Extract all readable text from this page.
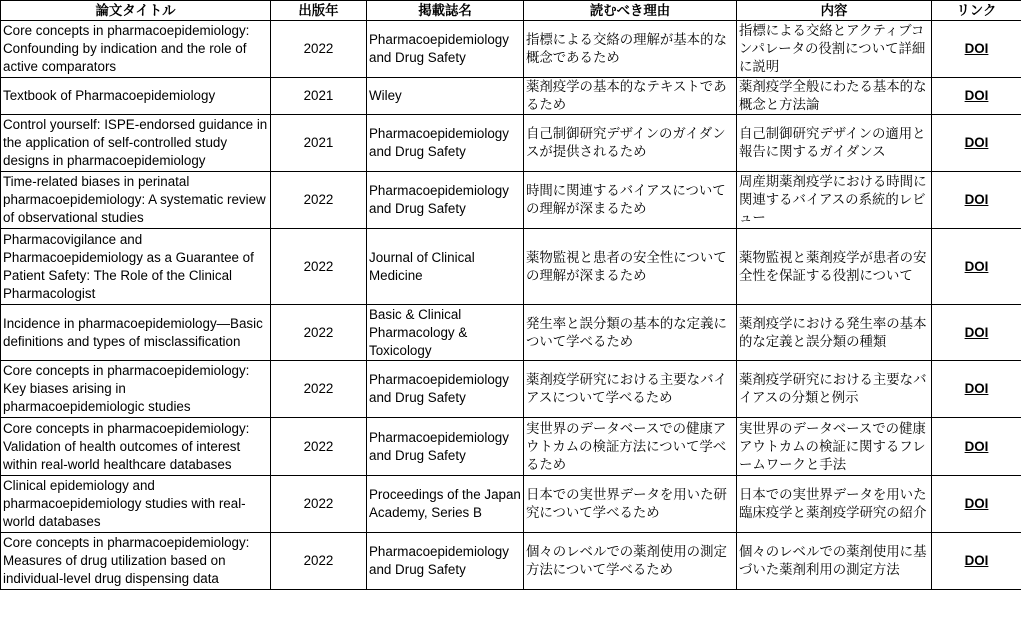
論文タイトル	出版年	掲載誌名	読むべき理由	内容	リンク
Core concepts in pharmacoepidemiology: Confounding by indication and the role of active comparators	2022	Pharmacoepidemiology and Drug Safety	指標による交絡の理解が基本的な概念であるため	指標による交絡とアクティブコンパレータの役割について詳細に説明	DOI
Textbook of Pharmacoepidemiology	2021	Wiley	薬剤疫学の基本的なテキストであるため	薬剤疫学全般にわたる基本的な概念と方法論	DOI
Control yourself: ISPE-endorsed guidance in the application of self-controlled study designs in pharmacoepidemiology	2021	Pharmacoepidemiology and Drug Safety	自己制御研究デザインのガイダンスが提供されるため	自己制御研究デザインの適用と報告に関するガイダンス	DOI
Time-related biases in perinatal pharmacoepidemiology: A systematic review of observational studies	2022	Pharmacoepidemiology and Drug Safety	時間に関連するバイアスについての理解が深まるため	周産期薬剤疫学における時間に関連するバイアスの系統的レビュー	DOI
Pharmacovigilance and Pharmacoepidemiology as a Guarantee of Patient Safety: The Role of the Clinical Pharmacologist	2022	Journal of Clinical Medicine	薬物監視と患者の安全性についての理解が深まるため	薬物監視と薬剤疫学が患者の安全性を保証する役割について	DOI
Incidence in pharmacoepidemiology—Basic definitions and types of misclassification	2022	Basic & Clinical Pharmacology & Toxicology	発生率と誤分類の基本的な定義について学べるため	薬剤疫学における発生率の基本的な定義と誤分類の種類	DOI
Core concepts in pharmacoepidemiology: Key biases arising in pharmacoepidemiologic studies	2022	Pharmacoepidemiology and Drug Safety	薬剤疫学研究における主要なバイアスについて学べるため	薬剤疫学研究における主要なバイアスの分類と例示	DOI
Core concepts in pharmacoepidemiology: Validation of health outcomes of interest within real-world healthcare databases	2022	Pharmacoepidemiology and Drug Safety	実世界のデータベースでの健康アウトカムの検証方法について学べるため	実世界のデータベースでの健康アウトカムの検証に関するフレームワークと手法	DOI
Clinical epidemiology and pharmacoepidemiology studies with real-world databases	2022	Proceedings of the Japan Academy, Series B	日本での実世界データを用いた研究について学べるため	日本での実世界データを用いた臨床疫学と薬剤疫学研究の紹介	DOI
Core concepts in pharmacoepidemiology: Measures of drug utilization based on individual-level drug dispensing data	2022	Pharmacoepidemiology and Drug Safety	個々のレベルでの薬剤使用の測定方法について学べるため	個々のレベルでの薬剤使用に基づいた薬剤利用の測定方法	DOI
